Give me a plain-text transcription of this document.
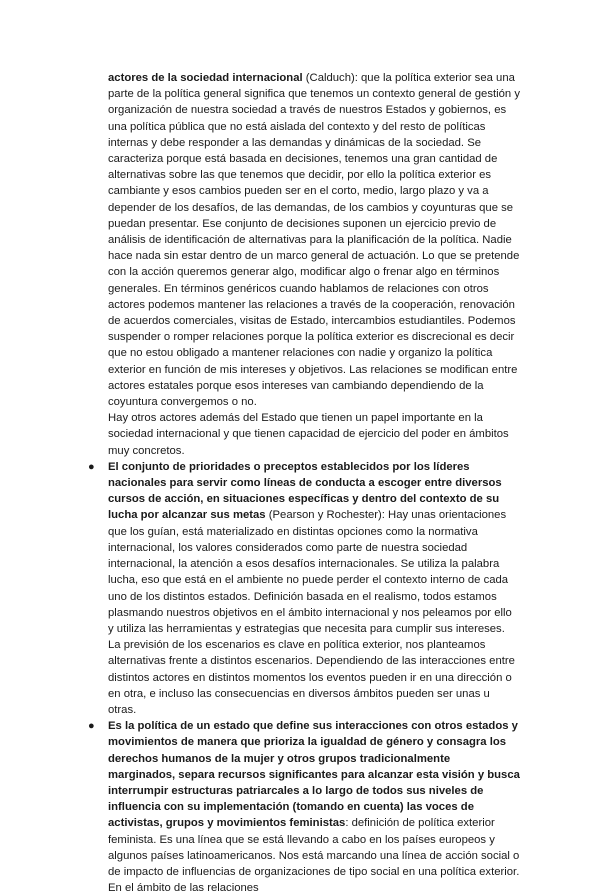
actores de la sociedad internacional (Calduch): que la política exterior sea una parte de la política general significa que tenemos un contexto general de gestión y organización de nuestra sociedad a través de nuestros Estados y gobiernos, es una política pública que no está aislada del contexto y del resto de políticas internas y debe responder a las demandas y dinámicas de la sociedad. Se caracteriza porque está basada en decisiones, tenemos una gran cantidad de alternativas sobre las que tenemos que decidir, por ello la política exterior es cambiante y esos cambios pueden ser en el corto, medio, largo plazo y va a depender de los desafíos, de las demandas, de los cambios y coyunturas que se puedan presentar. Ese conjunto de decisiones suponen un ejercicio previo de análisis de identificación de alternativas para la planificación de la política. Nadie hace nada sin estar dentro de un marco general de actuación. Lo que se pretende con la acción queremos generar algo, modificar algo o frenar algo en términos generales. En términos genéricos cuando hablamos de relaciones con otros actores podemos mantener las relaciones a través de la cooperación, renovación de acuerdos comerciales, visitas de Estado, intercambios estudiantiles. Podemos suspender o romper relaciones porque la política exterior es discrecional es decir que no estou obligado a mantener relaciones con nadie y organizo la política exterior en función de mis intereses y objetivos. Las relaciones se modifican entre actores estatales porque esos intereses van cambiando dependiendo de la coyuntura convergemos o no.

Hay otros actores además del Estado que tienen un papel importante en la sociedad internacional y que tienen capacidad de ejercicio del poder en ámbitos muy concretos.

● El conjunto de prioridades o preceptos establecidos por los líderes nacionales para servir como líneas de conducta a escoger entre diversos cursos de acción, en situaciones específicas y dentro del contexto de su lucha por alcanzar sus metas (Pearson y Rochester): Hay unas orientaciones que los guían, está materializado en distintas opciones como la normativa internacional, los valores considerados como parte de nuestra sociedad internacional, la atención a esos desafíos internacionales. Se utiliza la palabra lucha, eso que está en el ambiente no puede perder el contexto interno de cada uno de los distintos estados. Definición basada en el realismo, todos estamos plasmando nuestros objetivos en el ámbito internacional y nos peleamos por ello y utiliza las herramientas y estrategias que necesita para cumplir sus intereses. La previsión de los escenarios es clave en política exterior, nos planteamos alternativas frente a distintos escenarios. Dependiendo de las interacciones entre distintos actores en distintos momentos los eventos pueden ir en una dirección o en otra, e incluso las consecuencias en diversos ámbitos pueden ser unas u otras.
● Es la política de un estado que define sus interacciones con otros estados y movimientos de manera que prioriza la igualdad de género y consagra los derechos humanos de la mujer y otros grupos tradicionalmente marginados, separa recursos significantes para alcanzar esta visión y busca interrumpir estructuras patriarcales a lo largo de todos sus niveles de influencia con su implementación (tomando en cuenta) las voces de activistas, grupos y movimientos feministas: definición de política exterior feminista. Es una línea que se está llevando a cabo en los países europeos y algunos países latinoamericanos. Nos está marcando una línea de acción social o de impacto de influencias de organizaciones de tipo social en una política exterior. En el ámbito de las relaciones
